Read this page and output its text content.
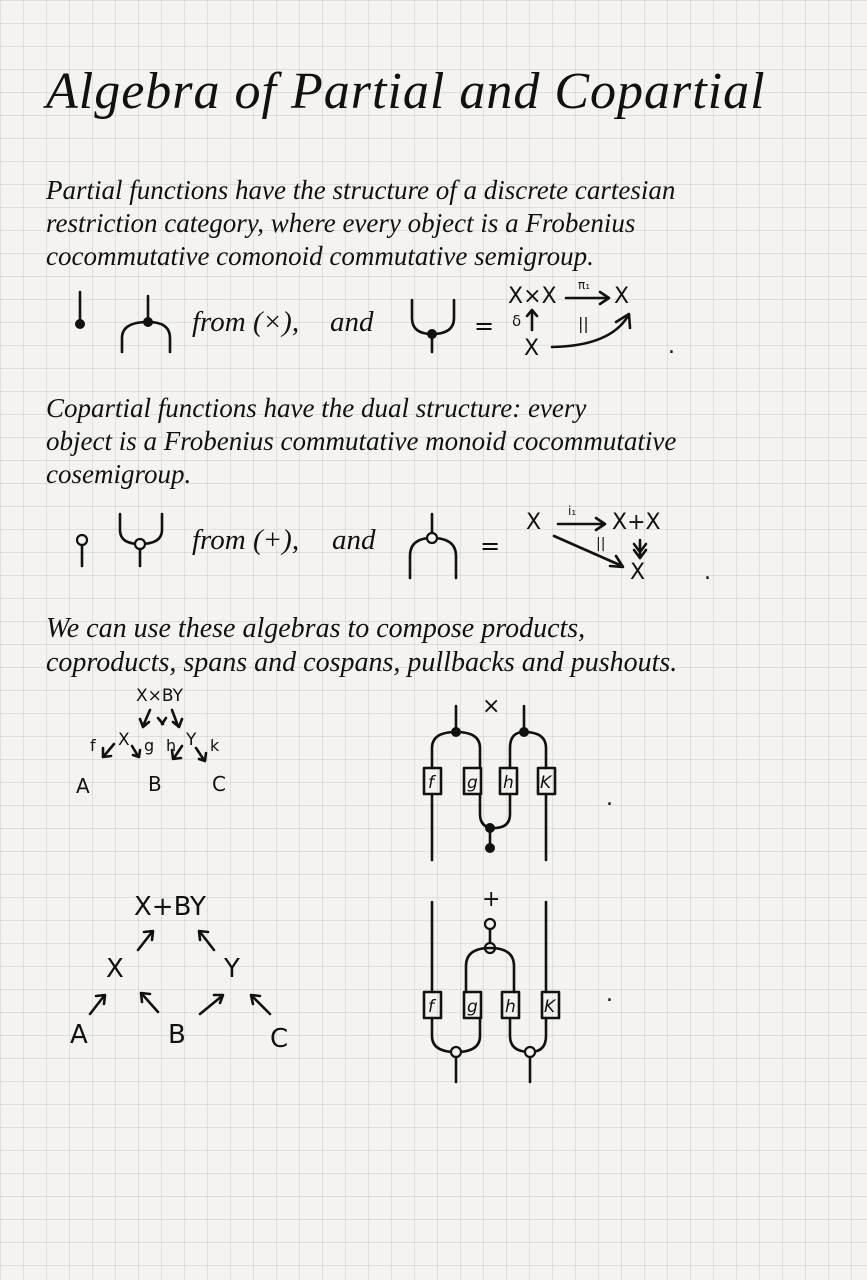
Algebra of Partial and Copartial
Partial functions have the structure of a discrete cartesian
restriction category, where every object is a Frobenius
cocommutative comonoid commutative semigroup.
from (×), and	=
X×X π₁ X
δ	||
X	.
Copartial functions have the dual structure: every
object is a Frobenius commutative monoid cocommutative
cosemigroup.
from (+), and	=
X i₁ X+X
||
X	.
We can use these algebras to compose products,
coproducts, spans and cospans, pullbacks and pushouts.
X×BY
X	Y
f	g h k
A	B	C
×
f g h K
.
X+BY
X	Y
A	B	C
+
f g h K .
